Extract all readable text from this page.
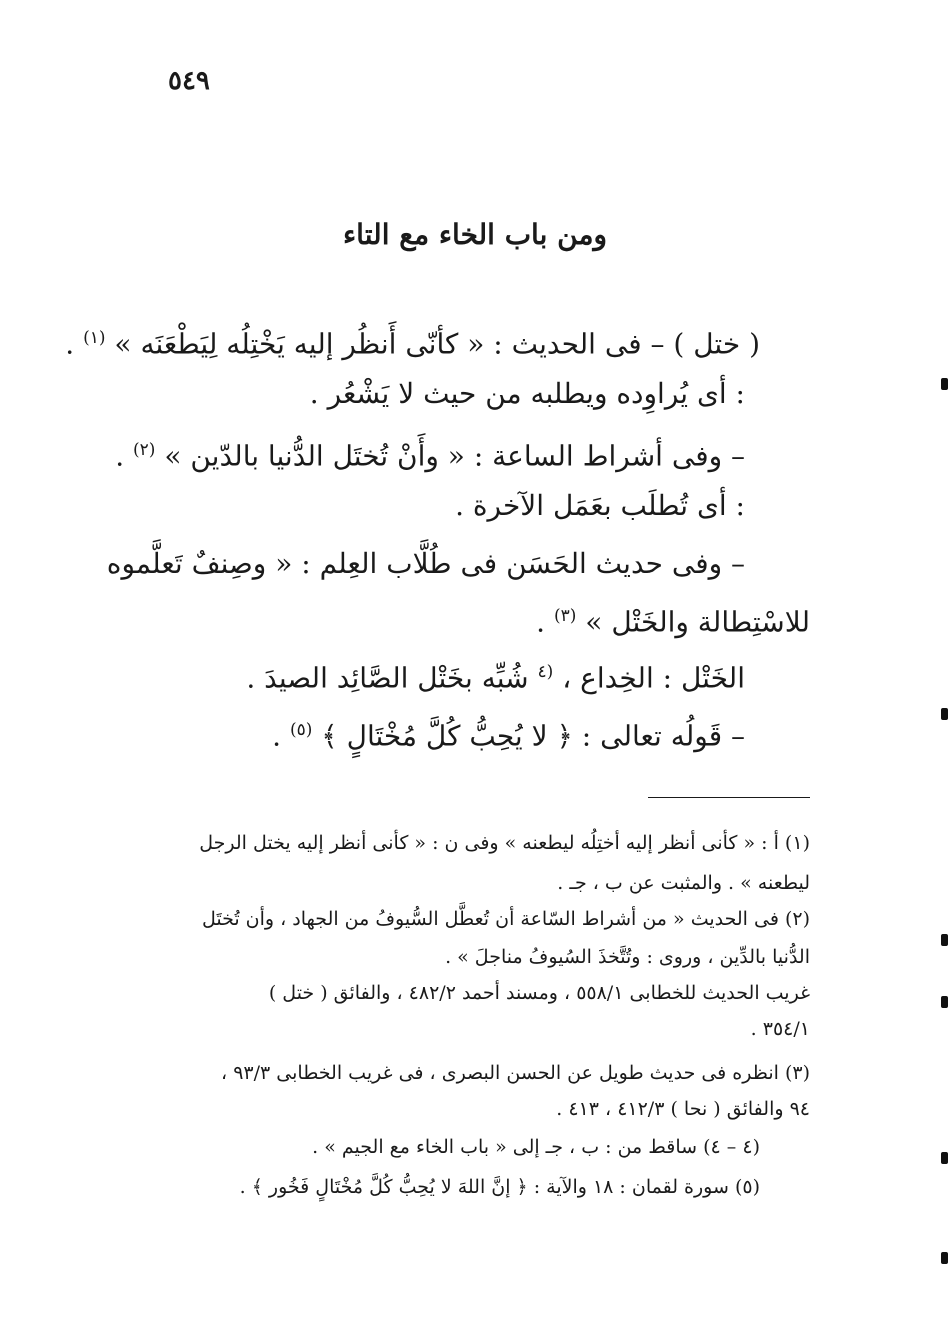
٥٤٩
ومن باب الخاء مع التاء
( ختل ) – فى الحديث : « كأنّى أَنظُر إليه يَخْتِلُه لِيَطْعَنَه » $^{(١)}$ .
: أى يُراوِده ويطلبه من حيث لا يَشْعُر .
– وفى أشراط الساعة : « وأَنْ تُختَل الدُّنيا بالدّين » $^{(٢)}$ .
: أى تُطلَب بعَمَل الآخرة .
– وفى حديث الحَسَن فى طُلَّاب العِلم : « وصِنفٌ تَعلَّموه
للاسْتِطالة والخَتْل » $^{(٣)}$ .
الخَتْل : الخِداع ، $^{(٤}$ شُبِّه بخَتْل الصَّائِد الصيدَ .
– قَولُه تعالى : ﴿ لا يُحِبُّ كُلَّ مُخْتَالٍ ﴾ $^{(٥)}$ .
(١) أ : « كأنى أنظر إليه أختِلُه ليطعنه » وفى ن : « كأنى أنظر إليه يختل الرجل
ليطعنه » . والمثبت عن ب ، جـ .
(٢) فى الحديث « من أشراط السّاعة أن تُعطَّل السُّيوفُ من الجهاد ، وأن تُختَل
الدُّنيا بالدِّين ، وروى : وتُتَّخذَ السُيوفُ مناجلَ » .
غريب الحديث للخطابى ٥٥٨/١ ، ومسند أحمد ٤٨٢/٢ ، والفائق ( ختل )
٣٥٤/١ .
(٣) انظره فى حديث طويل عن الحسن البصرى ، فى غريب الخطابى ٩٣/٣ ،
٩٤ والفائق ( نحا ) ٤١٢/٣ ، ٤١٣ .
(٤ – ٤) ساقط من : ب ، جـ إلى « باب الخاء مع الجيم » .
(٥) سورة لقمان : ١٨ والآية : ﴿ إنَّ اللهَ لا يُحِبُّ كُلَّ مُخْتَالٍ فَخُور ﴾ .
